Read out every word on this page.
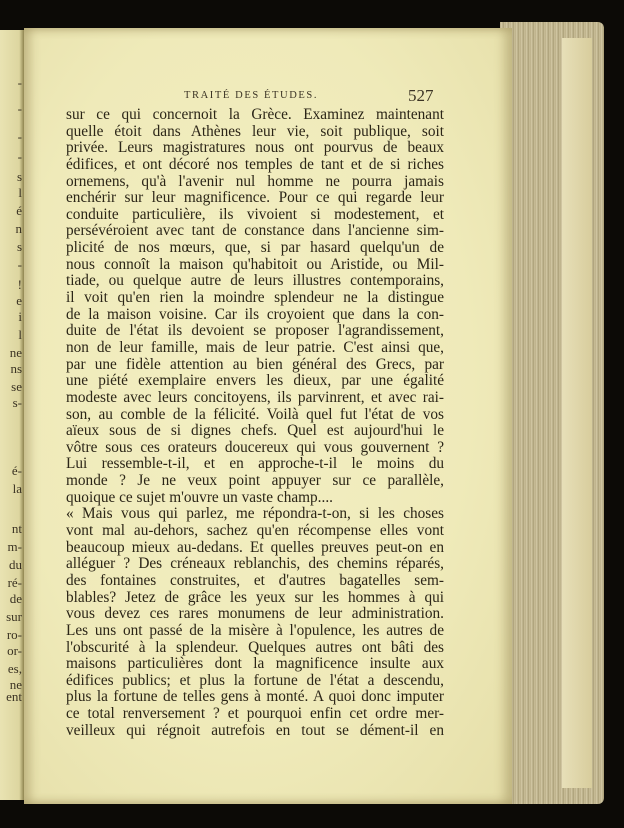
-
-
-
-
s
l
é
n
s
-
!
e
i
l
ne
ns
se
s-
é-
la
nt
m-
du
ré-
de
sur
ro-
or-
es,
ne
ent
TRAITÉ DES ÉTUDES.	527
sur ce qui concernoit la Grèce. Examinez maintenant
quelle étoit dans Athènes leur vie, soit publique, soit
privée. Leurs magistratures nous ont pourvus de beaux
édifices, et ont décoré nos temples de tant et de si riches
ornemens, qu'à l'avenir nul homme ne pourra jamais
enchérir sur leur magnificence. Pour ce qui regarde leur
conduite particulière, ils vivoient si modestement, et
persévéroient avec tant de constance dans l'ancienne sim-
plicité de nos mœurs, que, si par hasard quelqu'un de
nous connoît la maison qu'habitoit ou Aristide, ou Mil-
tiade, ou quelque autre de leurs illustres contemporains,
il voit qu'en rien la moindre splendeur ne la distingue
de la maison voisine. Car ils croyoient que dans la con-
duite de l'état ils devoient se proposer l'agrandissement,
non de leur famille, mais de leur patrie. C'est ainsi que,
par une fidèle attention au bien général des Grecs, par
une piété exemplaire envers les dieux, par une égalité
modeste avec leurs concitoyens, ils parvinrent, et avec rai-
son, au comble de la félicité. Voilà quel fut l'état de vos
aïeux sous de si dignes chefs. Quel est aujourd'hui le
vôtre sous ces orateurs doucereux qui vous gouvernent ?
Lui ressemble-t-il, et en approche-t-il le moins du
monde ? Je ne veux point appuyer sur ce parallèle,
quoique ce sujet m'ouvre un vaste champ....
« Mais vous qui parlez, me répondra-t-on, si les choses
vont mal au-dehors, sachez qu'en récompense elles vont
beaucoup mieux au-dedans. Et quelles preuves peut-on en
alléguer ? Des créneaux reblanchis, des chemins réparés,
des fontaines construites, et d'autres bagatelles sem-
blables? Jetez de grâce les yeux sur les hommes à qui
vous devez ces rares monumens de leur administration.
Les uns ont passé de la misère à l'opulence, les autres de
l'obscurité à la splendeur. Quelques autres ont bâti des
maisons particulières dont la magnificence insulte aux
édifices publics; et plus la fortune de l'état a descendu,
plus la fortune de telles gens à monté. A quoi donc imputer
ce total renversement ? et pourquoi enfin cet ordre mer-
veilleux qui régnoit autrefois en tout se dément-il en
